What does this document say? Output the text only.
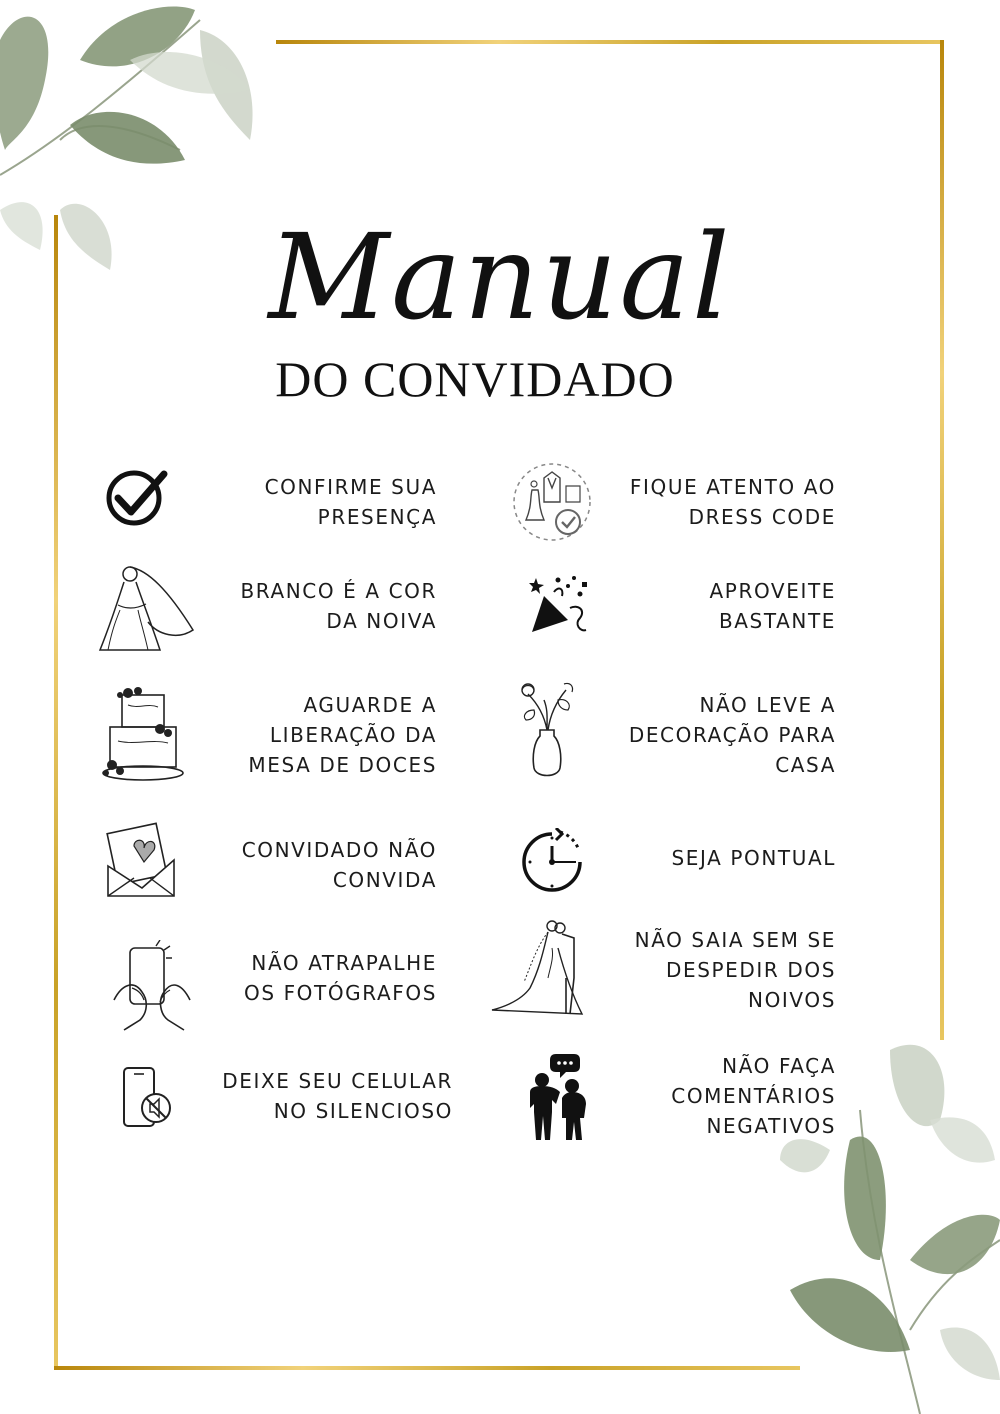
Manual
DO CONVIDADO
CONFIRME SUA
PRESENÇA
BRANCO É A COR
DA NOIVA
AGUARDE A
LIBERAÇÃO DA
MESA DE DOCES
CONVIDADO NÃO
CONVIDA
NÃO ATRAPALHE
OS FOTÓGRAFOS
DEIXE SEU CELULAR
NO SILENCIOSO
FIQUE ATENTO AO
DRESS CODE
APROVEITE
BASTANTE
NÃO LEVE A
DECORAÇÃO PARA
CASA
SEJA PONTUAL
NÃO SAIA SEM SE
DESPEDIR DOS
NOIVOS
NÃO FAÇA
COMENTÁRIOS
NEGATIVOS
